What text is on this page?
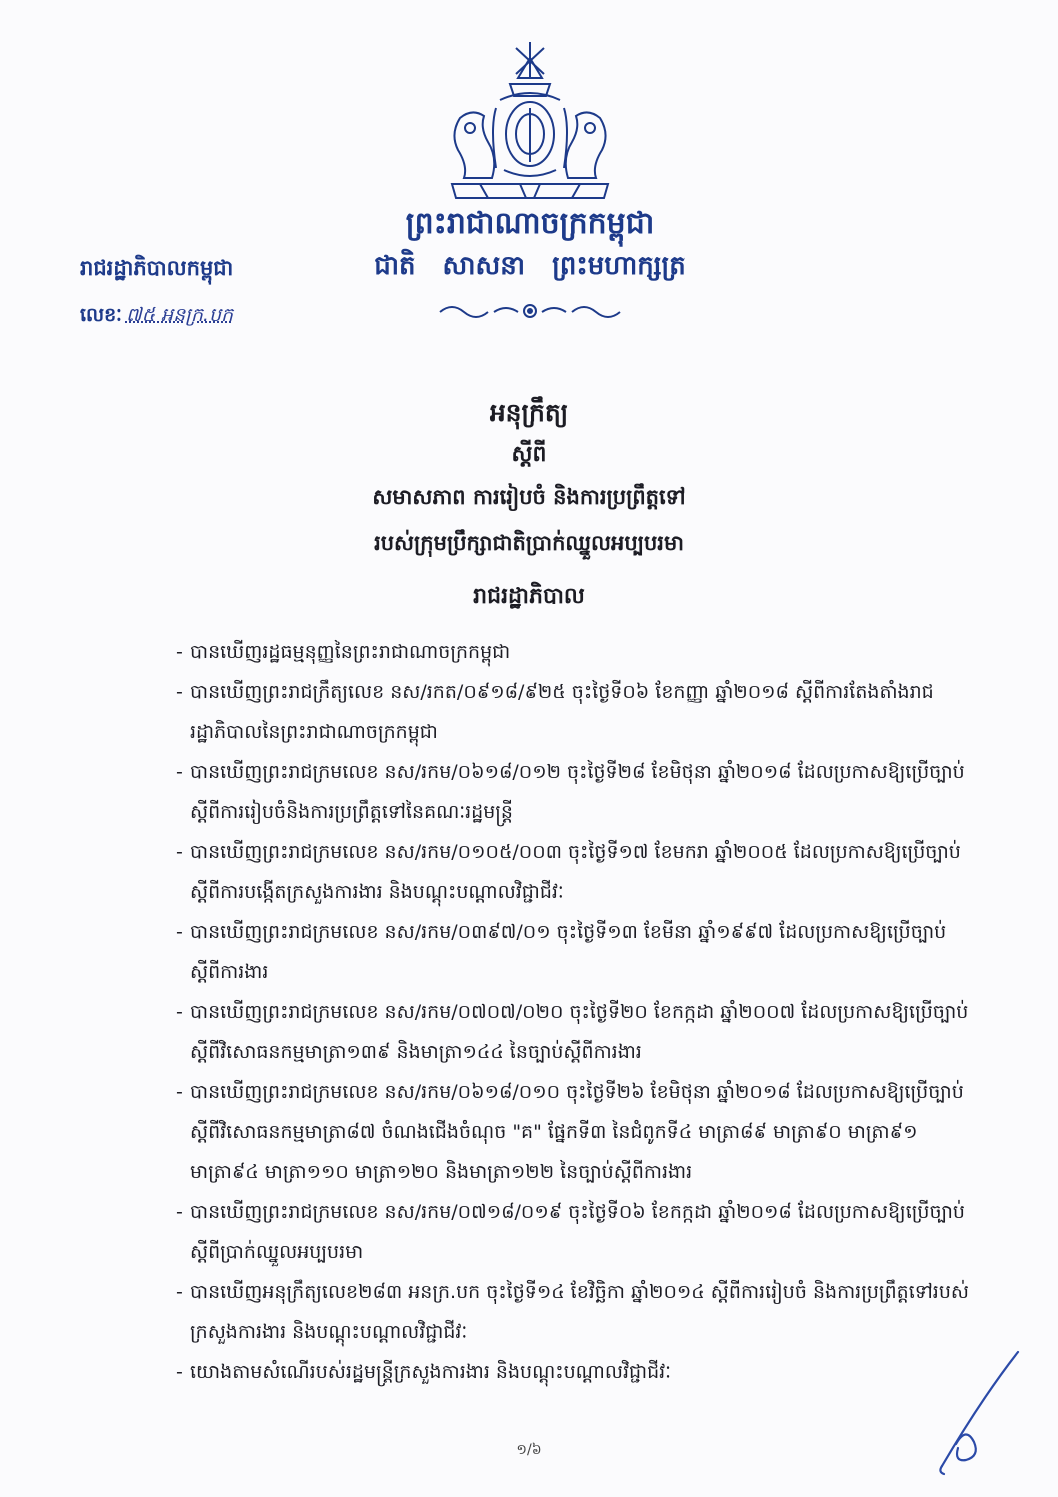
ព្រះរាជាណាចក្រកម្ពុជា
ជាតិ សាសនា ព្រះមហាក្សត្រ
រាជរដ្ឋាភិបាលកម្ពុជា
លេខៈ ៧៥ អនក្រ.បក
អនុក្រឹត្យ
ស្តីពី
សមាសភាព ការរៀបចំ និងការប្រព្រឹត្តទៅ
របស់ក្រុមប្រឹក្សាជាតិប្រាក់ឈ្នួលអប្បបរមា
រាជរដ្ឋាភិបាល
- បានឃើញរដ្ឋធម្មនុញ្ញនៃព្រះរាជាណាចក្រកម្ពុជា
- បានឃើញព្រះរាជក្រឹត្យលេខ នស/រកត/០៩១៨/៩២៥ ចុះថ្ងៃទី០៦ ខែកញ្ញា ឆ្នាំ២០១៨ ស្តីពីការតែងតាំងរាជរដ្ឋាភិបាលនៃព្រះរាជាណាចក្រកម្ពុជា
- បានឃើញព្រះរាជក្រមលេខ នស/រកម/០៦១៨/០១២ ចុះថ្ងៃទី២៨ ខែមិថុនា ឆ្នាំ២០១៨ ដែលប្រកាសឱ្យប្រើច្បាប់ស្តីពីការរៀបចំនិងការប្រព្រឹត្តទៅនៃគណៈរដ្ឋមន្ត្រី
- បានឃើញព្រះរាជក្រមលេខ នស/រកម/០១០៥/០០៣ ចុះថ្ងៃទី១៧ ខែមករា ឆ្នាំ២០០៥ ដែលប្រកាសឱ្យប្រើច្បាប់ស្តីពីការបង្កើតក្រសួងការងារ និងបណ្តុះបណ្តាលវិជ្ជាជីវៈ
- បានឃើញព្រះរាជក្រមលេខ នស/រកម/០៣៩៧/០១ ចុះថ្ងៃទី១៣ ខែមីនា ឆ្នាំ១៩៩៧ ដែលប្រកាសឱ្យប្រើច្បាប់ស្តីពីការងារ
- បានឃើញព្រះរាជក្រមលេខ នស/រកម/០៧០៧/០២០ ចុះថ្ងៃទី២០ ខែកក្កដា ឆ្នាំ២០០៧ ដែលប្រកាសឱ្យប្រើច្បាប់ស្តីពីវិសោធនកម្មមាត្រា១៣៩ និងមាត្រា១៤៤ នៃច្បាប់ស្តីពីការងារ
- បានឃើញព្រះរាជក្រមលេខ នស/រកម/០៦១៨/០១០ ចុះថ្ងៃទី២៦ ខែមិថុនា ឆ្នាំ២០១៨ ដែលប្រកាសឱ្យប្រើច្បាប់ស្តីពីវិសោធនកម្មមាត្រា៨៧ ចំណងជើងចំណុច "គ" ផ្នែកទី៣ នៃជំពូកទី៤ មាត្រា៨៩ មាត្រា៩០ មាត្រា៩១ មាត្រា៩៤ មាត្រា១១០ មាត្រា១២០ និងមាត្រា១២២ នៃច្បាប់ស្តីពីការងារ
- បានឃើញព្រះរាជក្រមលេខ នស/រកម/០៧១៨/០១៩ ចុះថ្ងៃទី០៦ ខែកក្កដា ឆ្នាំ២០១៨ ដែលប្រកាសឱ្យប្រើច្បាប់ស្តីពីប្រាក់ឈ្នួលអប្បបរមា
- បានឃើញអនុក្រឹត្យលេខ២៨៣ អនក្រ.បក ចុះថ្ងៃទី១៤ ខែវិច្ឆិកា ឆ្នាំ២០១៤ ស្តីពីការរៀបចំ និងការប្រព្រឹត្តទៅរបស់ក្រសួងការងារ និងបណ្តុះបណ្តាលវិជ្ជាជីវៈ
- យោងតាមសំណើរបស់រដ្ឋមន្ត្រីក្រសួងការងារ និងបណ្តុះបណ្តាលវិជ្ជាជីវៈ
១/៦
